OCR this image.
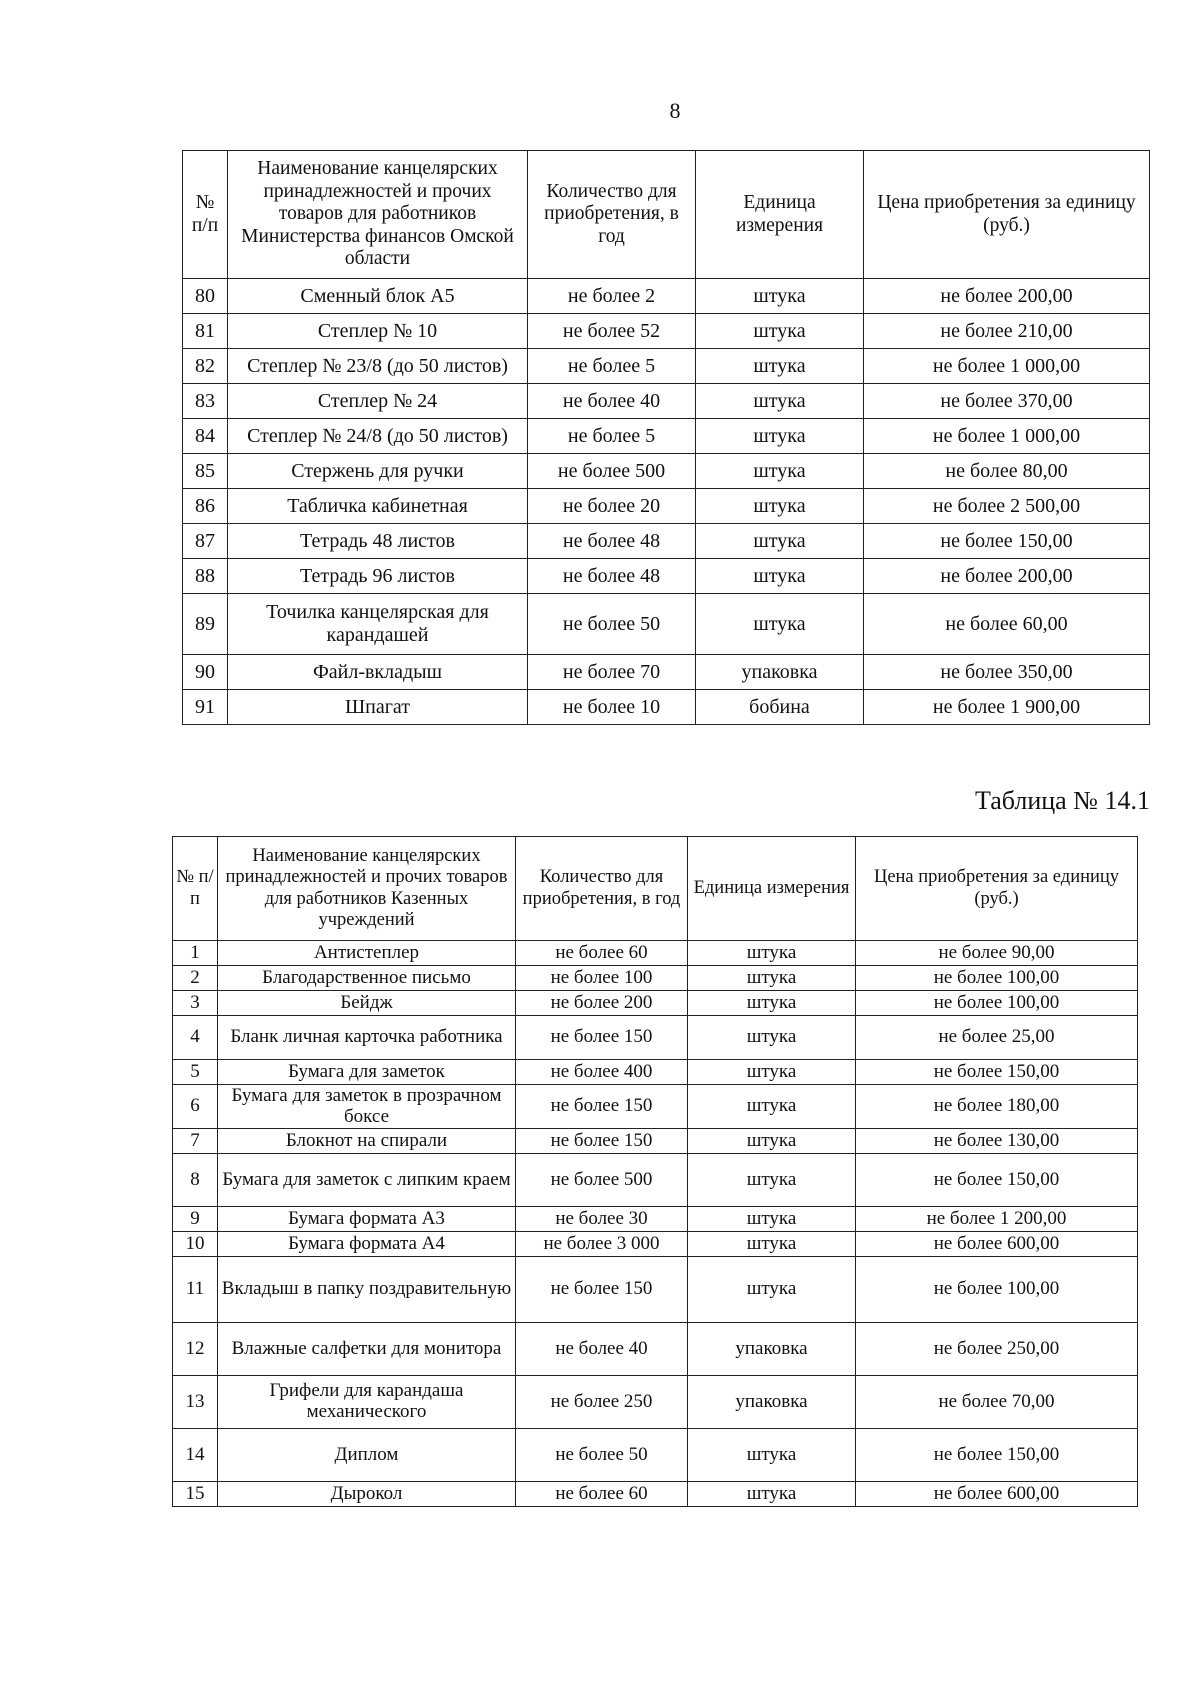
8
№ п/п	Наименование канцелярских принадлежностей и прочих товаров для работников Министерства финансов Омской области	Количество для приобретения, в год	Единица измерения	Цена приобретения за единицу (руб.)
80	Сменный блок А5	не более 2	штука	не более 200,00
81	Степлер № 10	не более 52	штука	не более 210,00
82	Степлер № 23/8 (до 50 листов)	не более 5	штука	не более 1 000,00
83	Степлер № 24	не более 40	штука	не более 370,00
84	Степлер № 24/8 (до 50 листов)	не более 5	штука	не более 1 000,00
85	Стержень для ручки	не более 500	штука	не более 80,00
86	Табличка кабинетная	не более 20	штука	не более 2 500,00
87	Тетрадь 48 листов	не более 48	штука	не более 150,00
88	Тетрадь 96 листов	не более 48	штука	не более 200,00
89	Точилка канцелярская для карандашей	не более 50	штука	не более 60,00
90	Файл-вкладыш	не более 70	упаковка	не более 350,00
91	Шпагат	не более 10	бобина	не более 1 900,00
Таблица № 14.1
№ п/п	Наименование канцелярских принадлежностей и прочих товаров для работников Казенных учреждений	Количество для приобретения, в год	Единица измерения	Цена приобретения за единицу (руб.)
1	Антистеплер	не более 60	штука	не более 90,00
2	Благодарственное письмо	не более 100	штука	не более 100,00
3	Бейдж	не более 200	штука	не более 100,00
4	Бланк личная карточка работника	не более 150	штука	не более 25,00
5	Бумага для заметок	не более 400	штука	не более 150,00
6	Бумага для заметок в прозрачном боксе	не более 150	штука	не более 180,00
7	Блокнот на спирали	не более 150	штука	не более 130,00
8	Бумага для заметок с липким краем	не более 500	штука	не более 150,00
9	Бумага формата А3	не более 30	штука	не более 1 200,00
10	Бумага формата А4	не более 3 000	штука	не более 600,00
11	Вкладыш в папку поздравительную	не более 150	штука	не более 100,00
12	Влажные салфетки для монитора	не более 40	упаковка	не более 250,00
13	Грифели для карандаша механического	не более 250	упаковка	не более 70,00
14	Диплом	не более 50	штука	не более 150,00
15	Дырокол	не более 60	штука	не более 600,00
